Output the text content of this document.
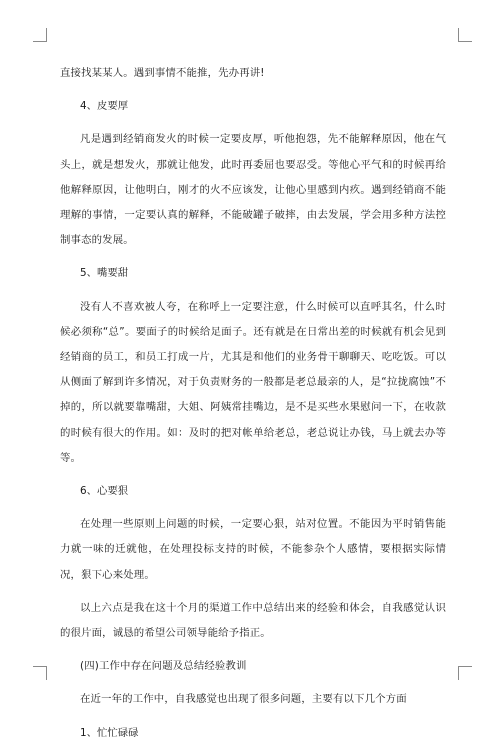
直接找某某人。遇到事情不能推，先办再讲!

4、皮要厚

凡是遇到经销商发火的时候一定要皮厚，听他抱怨，先不能解释原因，他在气头上，就是想发火，那就让他发，此时再委屈也要忍受。等他心平气和的时候再给他解释原因，让他明白，刚才的火不应该发，让他心里感到内疚。遇到经销商不能理解的事情，一定要认真的解释，不能破罐子破摔，由去发展，学会用多种方法控制事态的发展。

5、嘴要甜

没有人不喜欢被人夸，在称呼上一定要注意，什么时候可以直呼其名，什么时候必须称“总”。要面子的时候给足面子。还有就是在日常出差的时候就有机会见到经销商的员工，和员工打成一片，尤其是和他们的业务骨干聊聊天、吃吃饭。可以从侧面了解到许多情况，对于负责财务的一般都是老总最亲的人，是“拉拢腐蚀”不掉的，所以就要靠嘴甜，大姐、阿姨常挂嘴边，是不是买些水果慰问一下，在收款的时候有很大的作用。如：及时的把对帐单给老总，老总说让办钱，马上就去办等等。

6、心要狠

在处理一些原则上问题的时候，一定要心狠，站对位置。不能因为平时销售能力就一味的迁就他，在处理投标支持的时候，不能参杂个人感情，要根据实际情况，狠下心来处理。

以上六点是我在这十个月的渠道工作中总结出来的经验和体会，自我感觉认识的很片面，诚恳的希望公司领导能给予指正。

(四)工作中存在问题及总结经验教训

在近一年的工作中，自我感觉也出现了很多问题，主要有以下几个方面

1、忙忙碌碌
